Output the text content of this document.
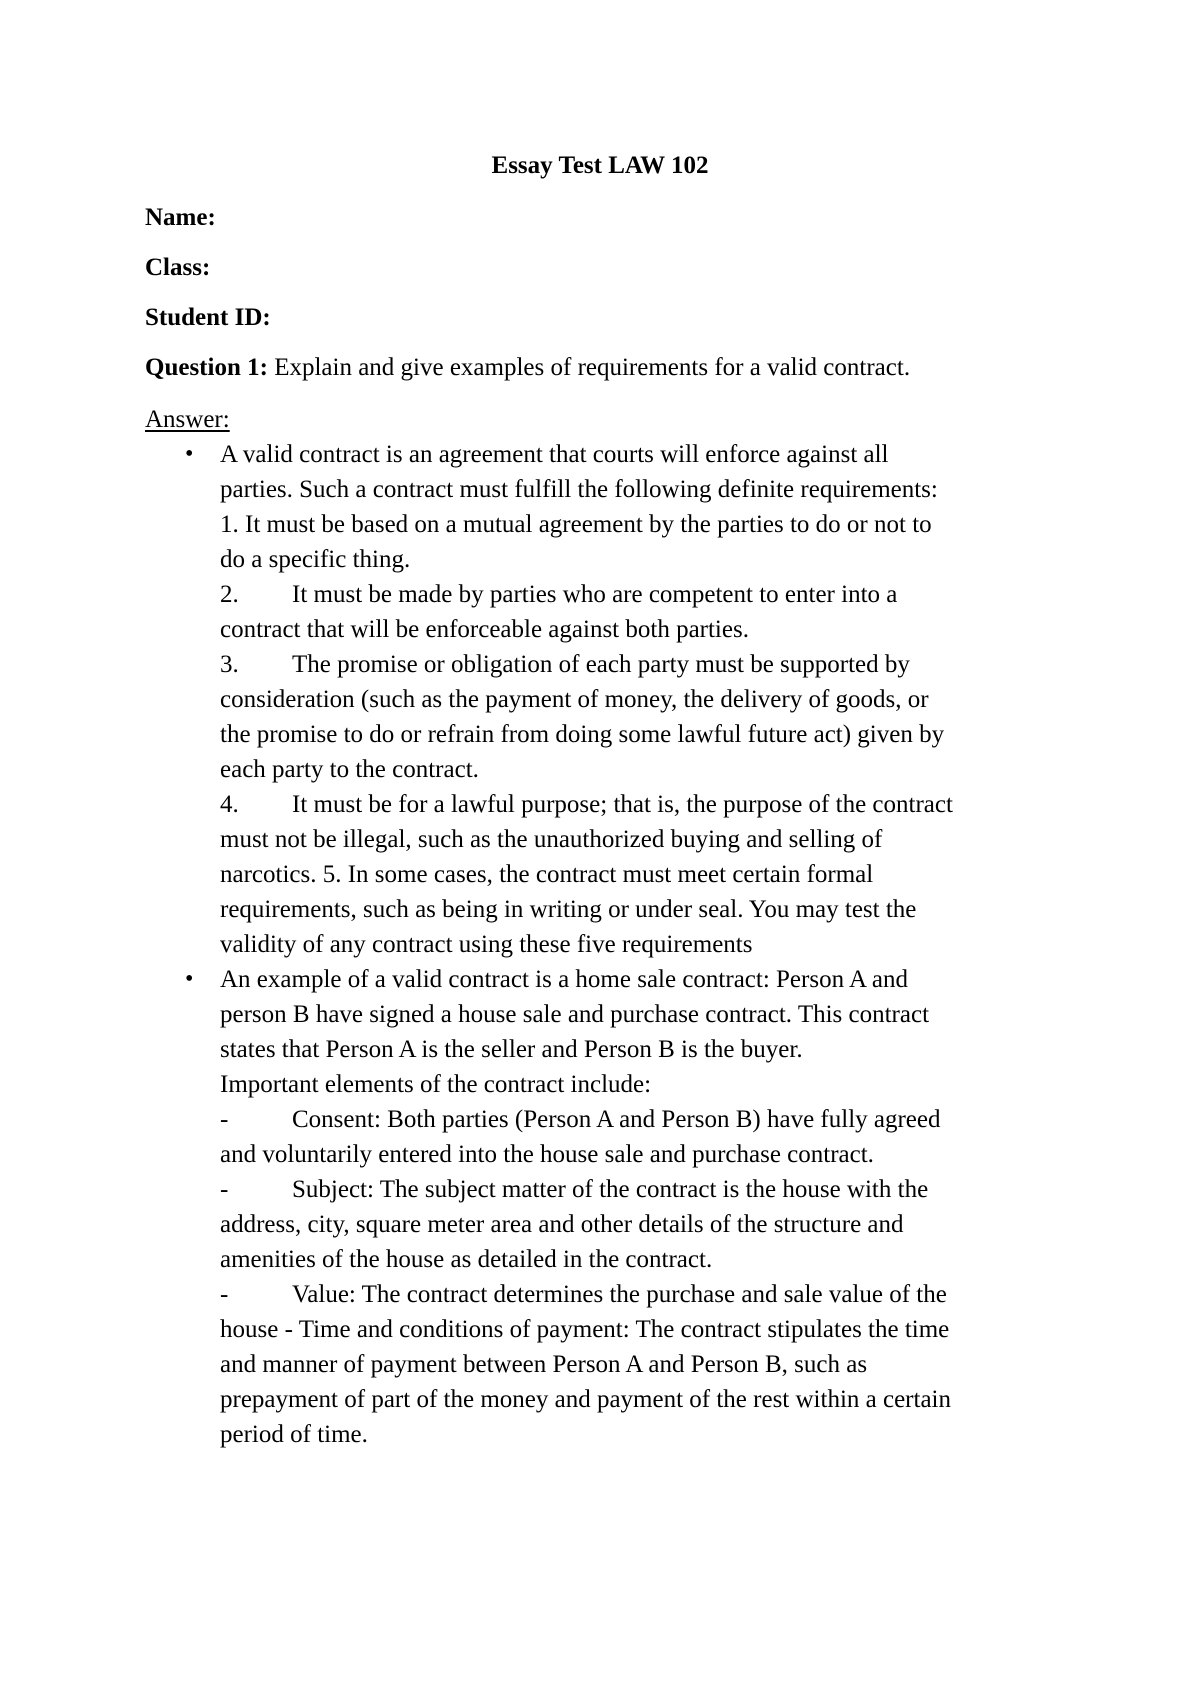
Essay Test LAW 102
Name:
Class:
Student ID:
Question 1: Explain and give examples of requirements for a valid contract.
Answer:
• A valid contract is an agreement that courts will enforce against all
parties. Such a contract must fulfill the following definite requirements:
1. It must be based on a mutual agreement by the parties to do or not to
do a specific thing.
2. It must be made by parties who are competent to enter into a
contract that will be enforceable against both parties.
3. The promise or obligation of each party must be supported by
consideration (such as the payment of money, the delivery of goods, or
the promise to do or refrain from doing some lawful future act) given by
each party to the contract.
4. It must be for a lawful purpose; that is, the purpose of the contract
must not be illegal, such as the unauthorized buying and selling of
narcotics. 5. In some cases, the contract must meet certain formal
requirements, such as being in writing or under seal. You may test the
validity of any contract using these five requirements
• An example of a valid contract is a home sale contract: Person A and
person B have signed a house sale and purchase contract. This contract
states that Person A is the seller and Person B is the buyer.
Important elements of the contract include:
-	Consent: Both parties (Person A and Person B) have fully agreed
and voluntarily entered into the house sale and purchase contract.
-	Subject: The subject matter of the contract is the house with the
address, city, square meter area and other details of the structure and
amenities of the house as detailed in the contract.
-	Value: The contract determines the purchase and sale value of the
house - Time and conditions of payment: The contract stipulates the time
and manner of payment between Person A and Person B, such as
prepayment of part of the money and payment of the rest within a certain
period of time.
